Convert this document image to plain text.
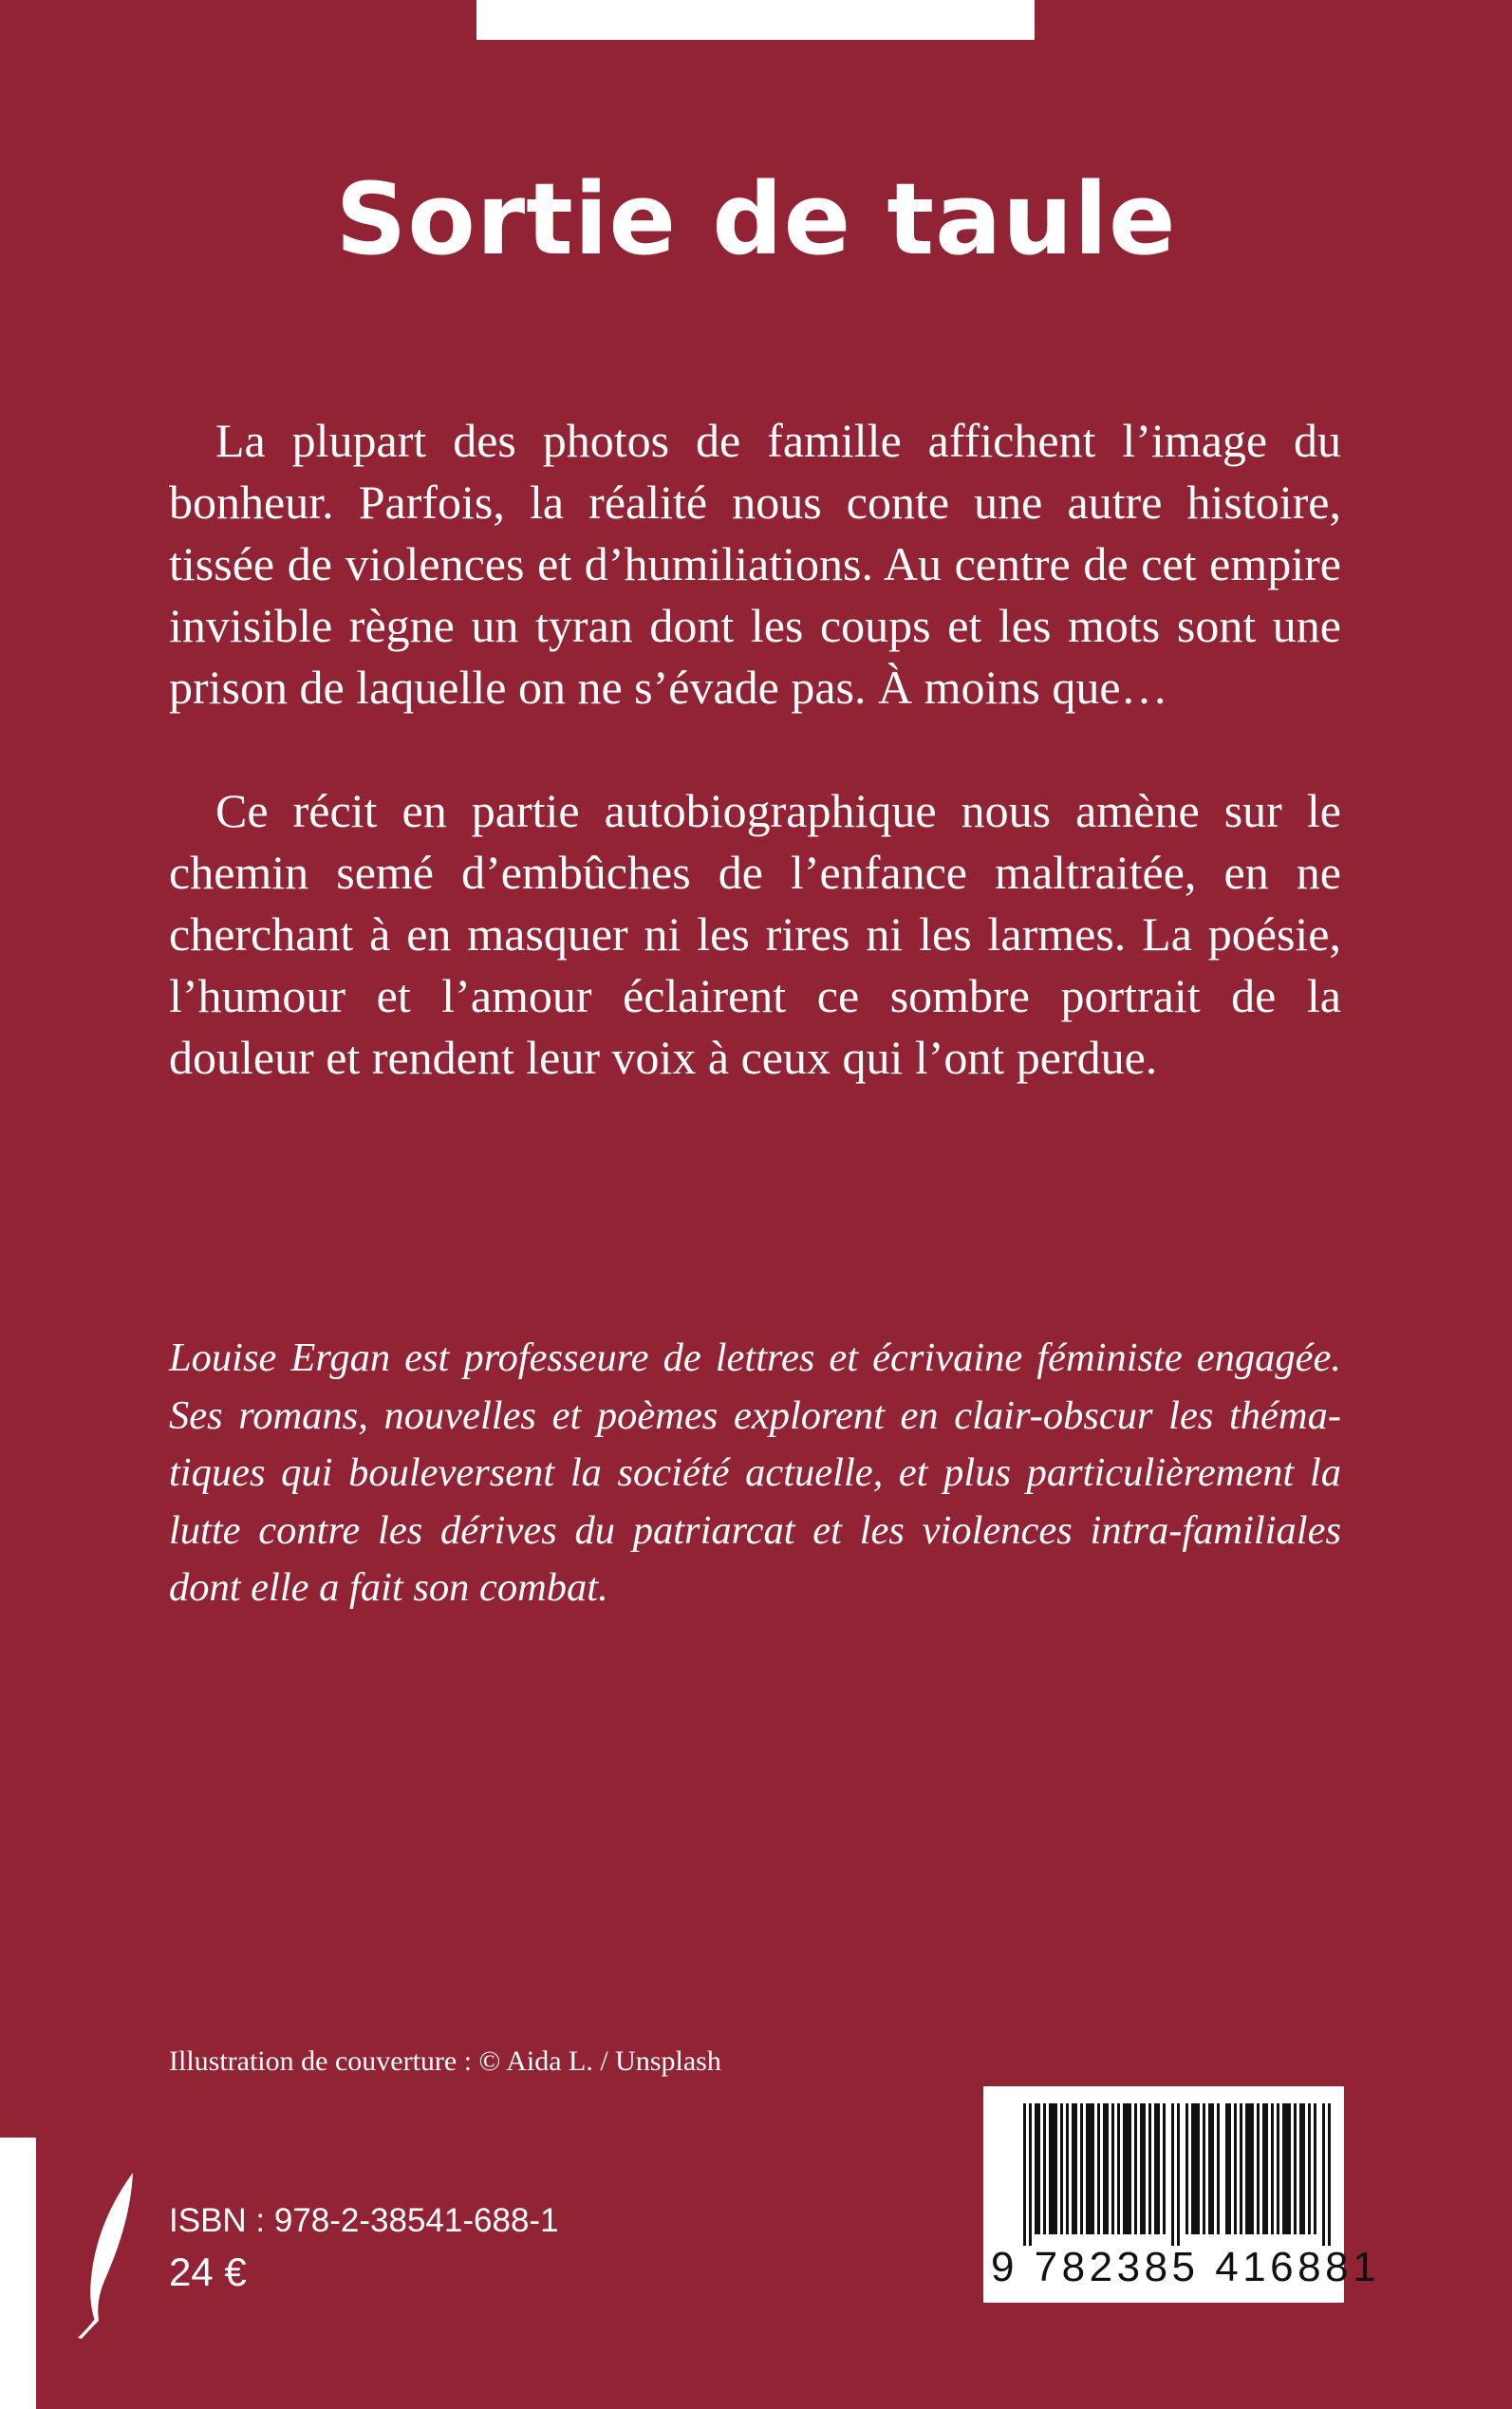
Sortie de taule

La plupart des photos de famille affichent l’image du bonheur. Parfois, la réalité nous conte une autre histoire, tissée de violences et d’humiliations. Au centre de cet empire invisible règne un tyran dont les coups et les mots sont une prison de laquelle on ne s’évade pas. À moins que…

Ce récit en partie autobiographique nous amène sur le chemin semé d’embûches de l’enfance maltraitée, en ne cherchant à en masquer ni les rires ni les larmes. La poésie, l’humour et l’amour éclairent ce sombre portrait de la douleur et rendent leur voix à ceux qui l’ont perdue.

Louise Ergan est professeure de lettres et écrivaine féministe engagée. Ses romans, nouvelles et poèmes explorent en clair-obscur les théma-tiques qui bouleversent la société actuelle, et plus particulièrement la lutte contre les dérives du patriarcat et les violences intra-familiales dont elle a fait son combat.

Illustration de couverture : © Aida L. / Unsplash
ISBN : 978-2-38541-688-1
24 €	9 782385 416881
